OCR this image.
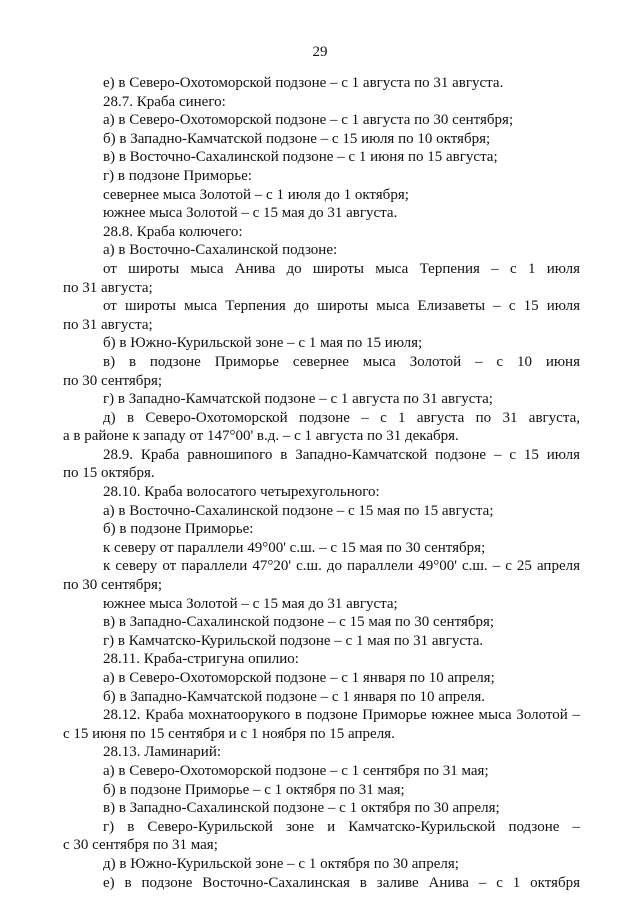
29
е) в Северо-Охотоморской подзоне – с 1 августа по 31 августа.
28.7. Краба синего:
а) в Северо-Охотоморской подзоне – с 1 августа по 30 сентября;
б) в Западно-Камчатской подзоне – с 15 июля по 10 октября;
в) в Восточно-Сахалинской подзоне – с 1 июня по 15 августа;
г) в подзоне Приморье:
севернее мыса Золотой – с 1 июля до 1 октября;
южнее мыса Золотой – с 15 мая до 31 августа.
28.8. Краба колючего:
а) в Восточно-Сахалинской подзоне:
от широты мыса Анива до широты мыса Терпения – с 1 июля
по 31 августа;
от широты мыса Терпения до широты мыса Елизаветы – с 15 июля
по 31 августа;
б) в Южно-Курильской зоне – с 1 мая по 15 июля;
в) в подзоне Приморье севернее мыса Золотой – с 10 июня
по 30 сентября;
г) в Западно-Камчатской подзоне – с 1 августа по 31 августа;
д) в Северо-Охотоморской подзоне – с 1 августа по 31 августа,
а в районе к западу от 147°00' в.д. – с 1 августа по 31 декабря.
28.9. Краба равношипого в Западно-Камчатской подзоне – с 15 июля
по 15 октября.
28.10. Краба волосатого четырехугольного:
а) в Восточно-Сахалинской подзоне – с 15 мая по 15 августа;
б) в подзоне Приморье:
к северу от параллели 49°00' с.ш. – с 15 мая по 30 сентября;
к северу от параллели 47°20' с.ш. до параллели 49°00' с.ш. – с 25 апреля
по 30 сентября;
южнее мыса Золотой – с 15 мая до 31 августа;
в) в Западно-Сахалинской подзоне – с 15 мая по 30 сентября;
г) в Камчатско-Курильской подзоне – с 1 мая по 31 августа.
28.11. Краба-стригуна опилио:
а) в Северо-Охотоморской подзоне – с 1 января по 10 апреля;
б) в Западно-Камчатской подзоне – с 1 января по 10 апреля.
28.12. Краба мохнатоорукого в подзоне Приморье южнее мыса Золотой –
с 15 июня по 15 сентября и с 1 ноября по 15 апреля.
28.13. Ламинарий:
а) в Северо-Охотоморской подзоне – с 1 сентября по 31 мая;
б) в подзоне Приморье – с 1 октября по 31 мая;
в) в Западно-Сахалинской подзоне – с 1 октября по 30 апреля;
г) в Северо-Курильской зоне и Камчатско-Курильской подзоне –
с 30 сентября по 31 мая;
д) в Южно-Курильской зоне – с 1 октября по 30 апреля;
е) в подзоне Восточно-Сахалинская в заливе Анива – с 1 октября
